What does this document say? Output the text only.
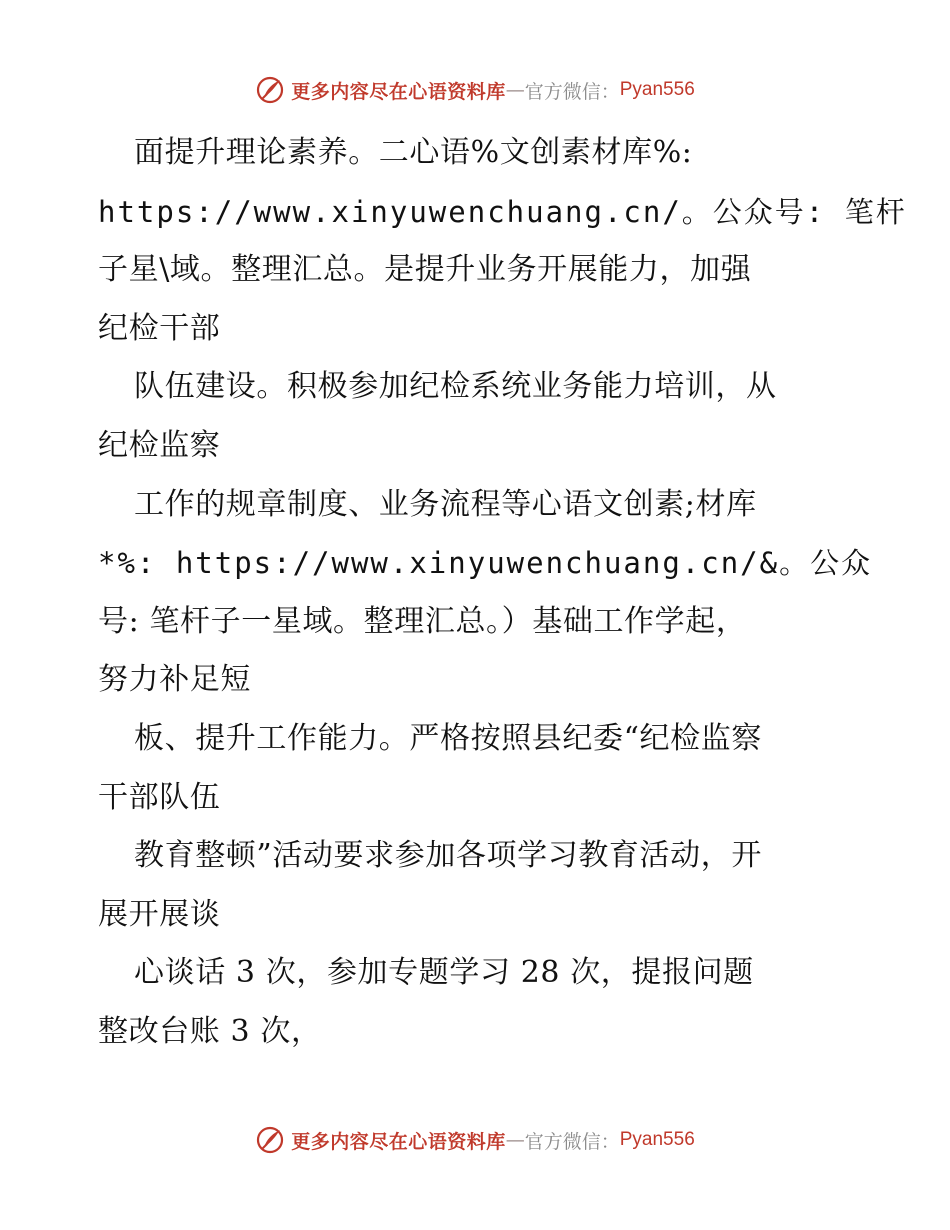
更多内容尽在心语资料库 — 官方微信： Pyan556
面提升理论素养。二心语%文创素材库%:
https://www.xinyuwenchuang.cn/。公众号: 笔杆
子星\域。整理汇总。是提升业务开展能力，加强
纪检干部
队伍建设。积极参加纪检系统业务能力培训，从
纪检监察
工作的规章制度、业务流程等心语文创素;材库
*%: https://www.xinyuwenchuang.cn/&。公众
号: 笔杆子一星域。整理汇总。）基础工作学起，
努力补足短
板、提升工作能力。严格按照县纪委“纪检监察
干部队伍
教育整顿”活动要求参加各项学习教育活动，开
展开展谈
心谈话 3 次，参加专题学习 28 次，提报问题
整改台账 3 次，
更多内容尽在心语资料库 — 官方微信： Pyan556
